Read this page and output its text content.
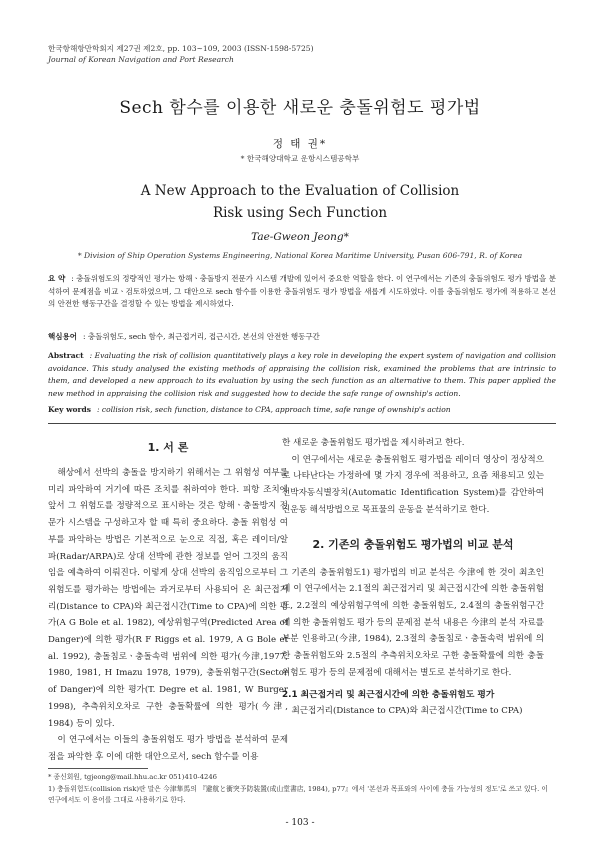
한국항해항만학회지 제27권 제2호, pp. 103~109, 2003 (ISSN-1598-5725)
Journal of Korean Navigation and Port Research
Sech 함수를 이용한 새로운 충돌위험도 평가법
정 태 권*
* 한국해양대학교 운항시스템공학부
A New Approach to the Evaluation of Collision
Risk using Sech Function
Tae-Gweon Jeong*
* Division of Ship Operation Systems Engineering, National Korea Maritime University, Pusan 606-791, R. of Korea
요 약 : 충돌위험도의 정량적인 평가는 항해ㆍ충돌방지 전문가 시스템 개발에 있어서 중요한 역할을 한다. 이 연구에서는 기존의 충돌위험도 평가 방법을 분석하여 문제점을 비교ㆍ검토하였으며, 그 대안으로 sech 함수를 이용한 충돌위험도 평가 방법을 새롭게 시도하였다. 이를 충돌위험도 평가에 적용하고 본선의 안전한 행동구간을 결정할 수 있는 방법을 제시하였다.
핵심용어 : 충돌위험도, sech 함수, 최근접거리, 접근시간, 본선의 안전한 행동구간
Abstract : Evaluating the risk of collision quantitatively plays a key role in developing the expert system of navigation and collision avoidance. This study analysed the existing methods of appraising the collision risk, examined the problems that are intrinsic to them, and developed a new approach to its evaluation by using the sech function as an alternative to them. This paper applied the new method in appraising the collision risk and suggested how to decide the safe range of ownship's action.
Key words : collision risk, sech function, distance to CPA, approach time, safe range of ownship's action
1. 서 론

해상에서 선박의 충돌을 방지하기 위해서는 그 위험성 여부를 미리 파악하여 거기에 따른 조치를 취하여야 한다. 피항 조치에 앞서 그 위험도를 정량적으로 표시하는 것은 항해ㆍ충돌방지 전문가 시스템을 구성하고자 할 때 특히 중요하다. 충돌 위험성 여부를 파악하는 방법은 기본적으로 눈으로 직접, 혹은 레이더/알파(Radar/ARPA)로 상대 선박에 관한 정보를 얻어 그것의 움직임을 예측하여 이뤄진다. 이렇게 상대 선박의 움직임으로부터 그 위험도를 평가하는 방법에는 과거로부터 사용되어 온 최근접거리(Distance to CPA)와 최근접시간(Time to CPA)에 의한 평가(A G Bole et al. 1982), 예상위험구역(Predicted Area of Danger)에 의한 평가(R F Riggs et al. 1979, A G Bole et al. 1992), 충돌침로ㆍ충돌속력 범위에 의한 평가(今津,1977, 1980, 1981, H Imazu 1978, 1979), 충돌위험구간(Sector of Danger)에 의한 평가(T. Degre et al. 1981, W Burger 1998), 추측위치오차로 구한 충돌확률에 의한 평가(今津, 1984) 등이 있다.

이 연구에서는 이들의 충돌위험도 평가 방법을 분석하여 문제점을 파악한 후 이에 대한 대안으로서, sech 함수를 이용

한 새로운 충돌위험도 평가법을 제시하려고 한다.

이 연구에서는 새로운 충돌위험도 평가법을 레이더 영상이 정상적으로 나타난다는 가정하에 몇 가지 경우에 적용하고, 요즘 채용되고 있는 선박자동식별장치(Automatic Identification System)를 감안하여 진운동 해석방법으로 목표물의 운동을 분석하기로 한다.

2. 기존의 충돌위험도 평가법의 비교 분석

기존의 충돌위험도1) 평가법의 비교 분석은 今津에 한 것이 최초인데 이 연구에서는 2.1절의 최근접거리 및 최근접시간에 의한 충돌위험도, 2.2절의 예상위험구역에 의한 충돌위험도, 2.4절의 충돌위험구간에 의한 충돌위험도 평가 등의 문제점 분석 내용은 今津의 분석 자료를 부분 인용하고(今津, 1984), 2.3절의 충돌침로ㆍ충돌속력 범위에 의한 충돌위험도와 2.5절의 추측위치오차로 구한 충돌확률에 의한 충돌위험도 평가 등의 문제점에 대해서는 별도로 분석하기로 한다.

2.1 최근접거리 및 최근접시간에 의한 충돌위험도 평가

최근접거리(Distance to CPA)와 최근접시간(Time to CPA)

* 종신회원, tgjeong@mail.hhu.ac.kr 051)410-4246
1) 충돌위험도(collision risk)란 말은 今津隼馬의 『避航と衝突予防装置(成山堂書店, 1984), p77』에서 '본선과 목표와의 사이에 충돌 가능성의 정도'로 쓰고 있다. 이 연구에서도 이 용어를 그대로 사용하기로 한다.
- 103 -
